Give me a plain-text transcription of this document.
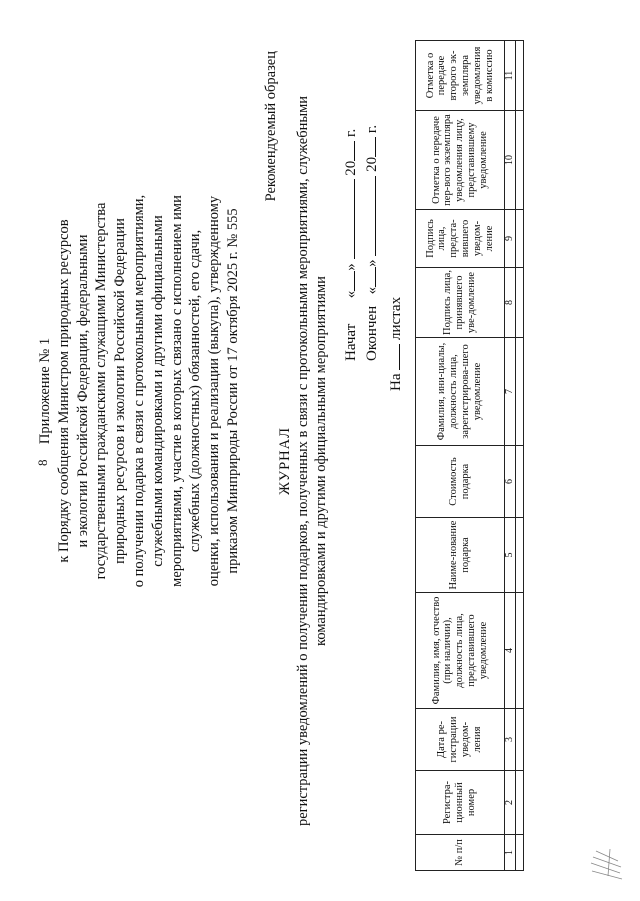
8
Приложение № 1 к Порядку сообщения Министром природных ресурсов и экологии Российской Федерации, федеральными государственными гражданскими служащими Министерства природных ресурсов и экологии Российской Федерации о получении подарка в связи с протокольными мероприятиями, служебными командировками и другими официальными мероприятиями, участие в которых связано с исполнением ими служебных (должностных) обязанностей, его сдачи, оценки, использования и реализации (выкупа), утвержденному приказом Минприроды России от 17 октября 2025 г. № 555
Рекомендуемый образец
ЖУРНАЛ регистрации уведомлений о получении подарков, полученных в связи с протокольными мероприятиями, служебными командировками и другими официальными мероприятиями Начат  «»  20 г.
Окончен  «»  20 г.
На  листах
№ п/п	Регистра-ционный номер	Дата ре-гистрации уведом-ления	Фамилия, имя, отчество (при наличии), должность лица, представившего уведомление	Наиме-нование подарка	Стоимость подарка	Фамилия, ини-циалы, должность лица, зарегистрирова-шего уведомление	Подпись лица, принявшего уве-домление	Подпись лица, предста-вившего уведом-ление	Отметка о передаче пер-вого экземпляра уведомления лицу, представившему уведомление	Отметка о передаче второго эк-земпляра уведомления в комиссию
1	2	3	4	5	6	7	8	9	10	11
